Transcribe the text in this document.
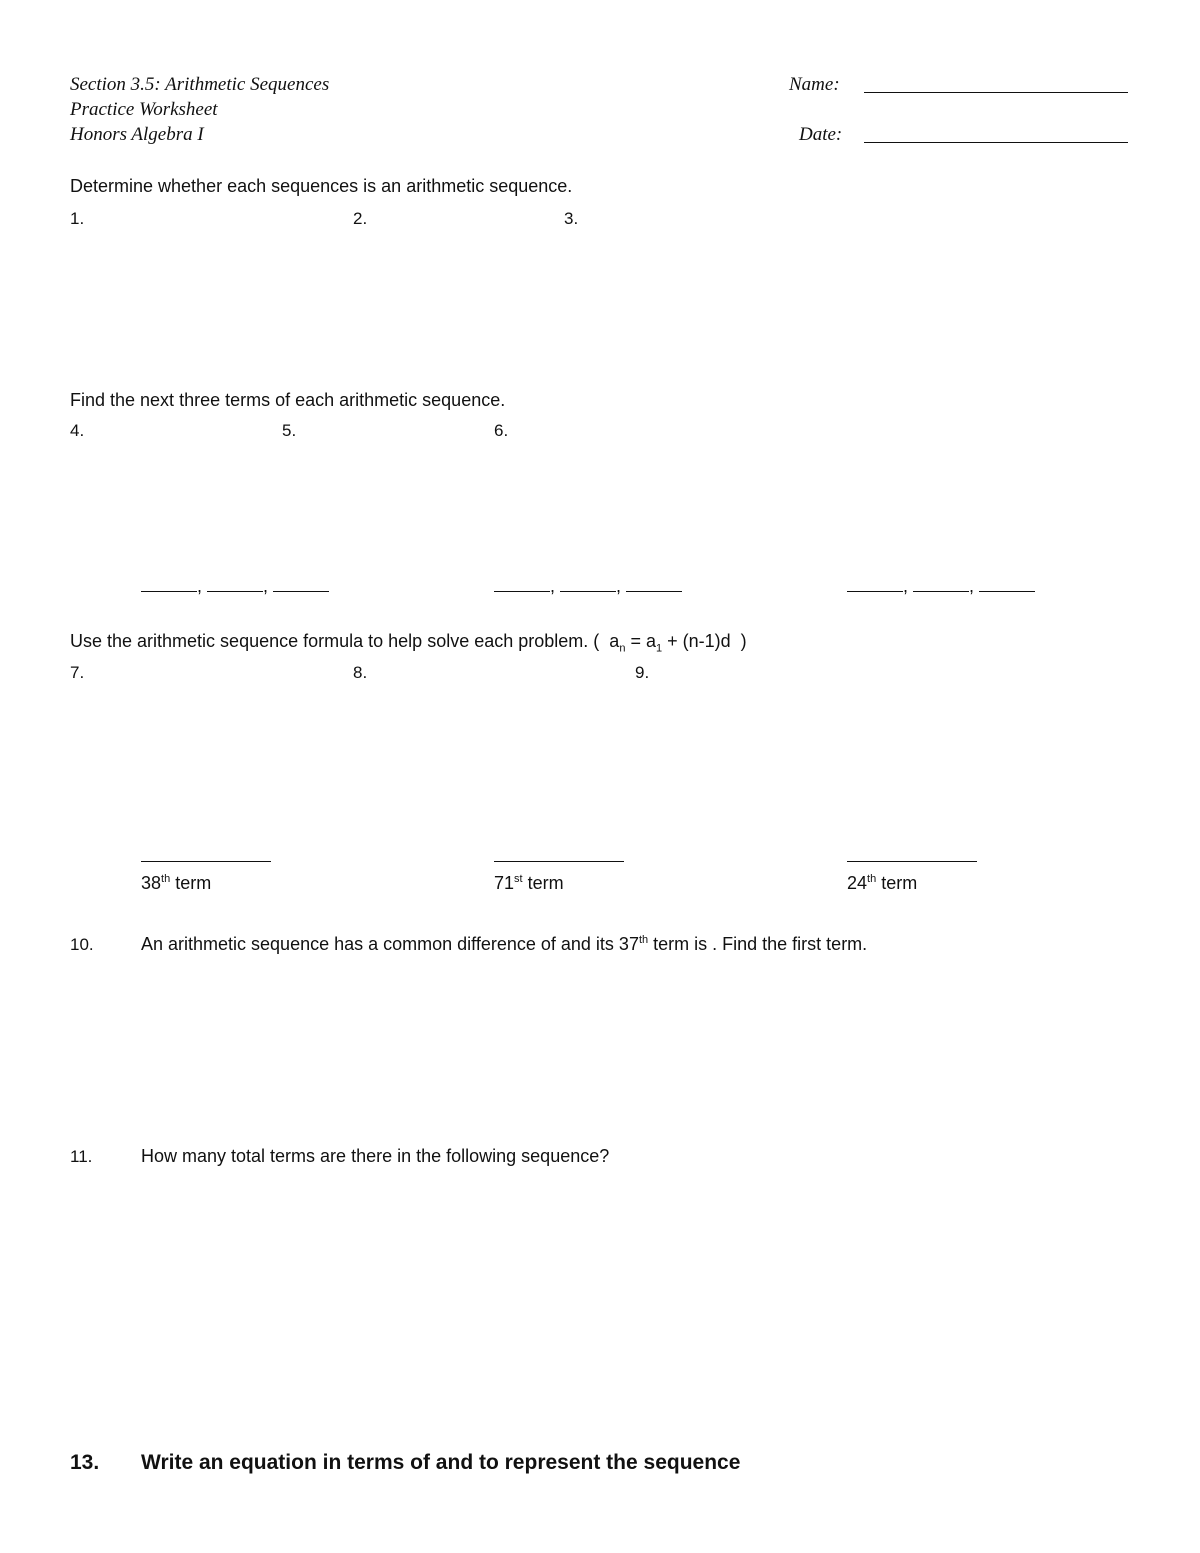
Section 3.5: Arithmetic Sequences
Practice Worksheet
Honors Algebra I
Name:
Date:
Determine whether each sequences is an arithmetic sequence.
1.	2.	3.
Find the next three terms of each arithmetic sequence.
4.	5.	6.
,	,	,	,	,	,
Use the arithmetic sequence formula to help solve each problem. ( $a_n = a_1 + (n-1)d$ )
7.	8.	9.
38th term	71st term	24th term
10.	An arithmetic sequence has a common difference of and its 37th term is . Find the first term.
11.	How many total terms are there in the following sequence?
13. Write an equation in terms of and to represent the sequence
